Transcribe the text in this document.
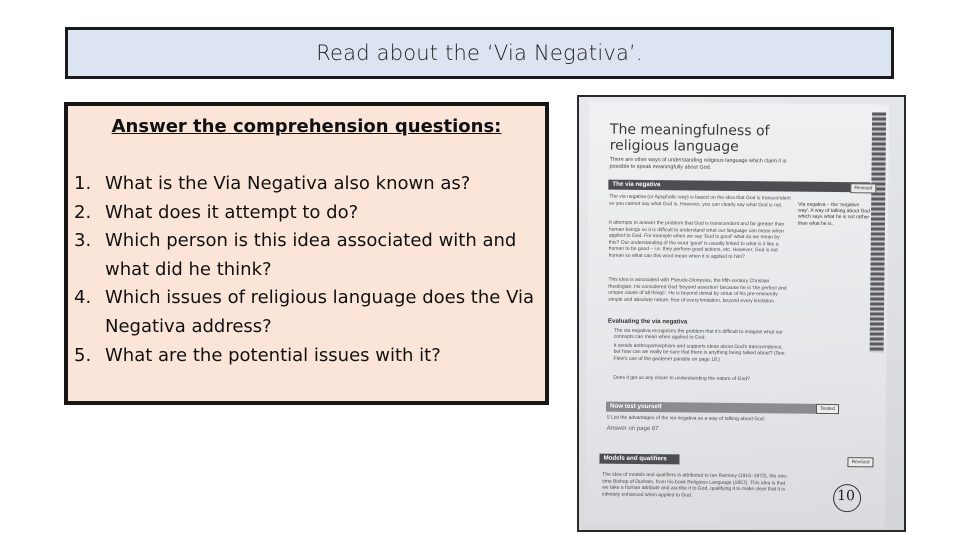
Read about the ‘Via Negativa’.
Answer the comprehension questions:
1. What is the Via Negativa also known as?
2. What does it attempt to do?
3. Which person is this idea associated with and what did he think?
4. Which issues of religious language does the Via Negativa address?
5. What are the potential issues with it?
The meaningfulness of
religious language
There are other ways of understanding religious language which claim it is possible to speak meaningfully about God.
The via negativa
Revised
The via negativa (or Apophatic way) is based on the idea that God is transcendent so you cannot say what God is. However, you can clearly say what God is not.	Via negativa – the 'negative way'. A way of talking about God which says what he is not rather than what he is.
It attempts to answer the problem that God is transcendent and far greater than human beings so it is difficult to understand what our language can mean when applied to God. For example when we say 'God is good' what do we mean by this? Our understanding of the word 'good' is usually linked to what is it like a human to be good – i.e. they perform good actions, etc. However, God is not human so what can this word mean when it is applied to him?
This idea is associated with Pseudo-Dionysius, the fifth-century Christian theologian. He considered God 'beyond assertion' because he is 'the perfect and unique cause of all things'. He is beyond denial by virtue of his pre-eminently simple and absolute nature, free of every limitation, beyond every limitation.
Evaluating the via negativa
The via negativa recognises the problem that it's difficult to imagine what our concepts can mean when applied to God.
It avoids anthropomorphism and supports ideas about God's transcendence, but how can we really be sure that there is anything being talked about? (See Flew's use of the gardener parable on page 18.)
Does it get us any closer to understanding the nature of God?
Now test yourself	Tested
5 List the advantages of the via negativa as a way of talking about God.
Answer on page 67
Models and qualifiers
Revised
The idea of models and qualifiers is attributed to Ian Ramsey (1915–1972), the one-time Bishop of Durham, from his book Religious Language (1957). This idea is that we take a human attribute and ascribe it to God, qualifying it to make clear that it is infinitely enhanced when applied to God.	10
